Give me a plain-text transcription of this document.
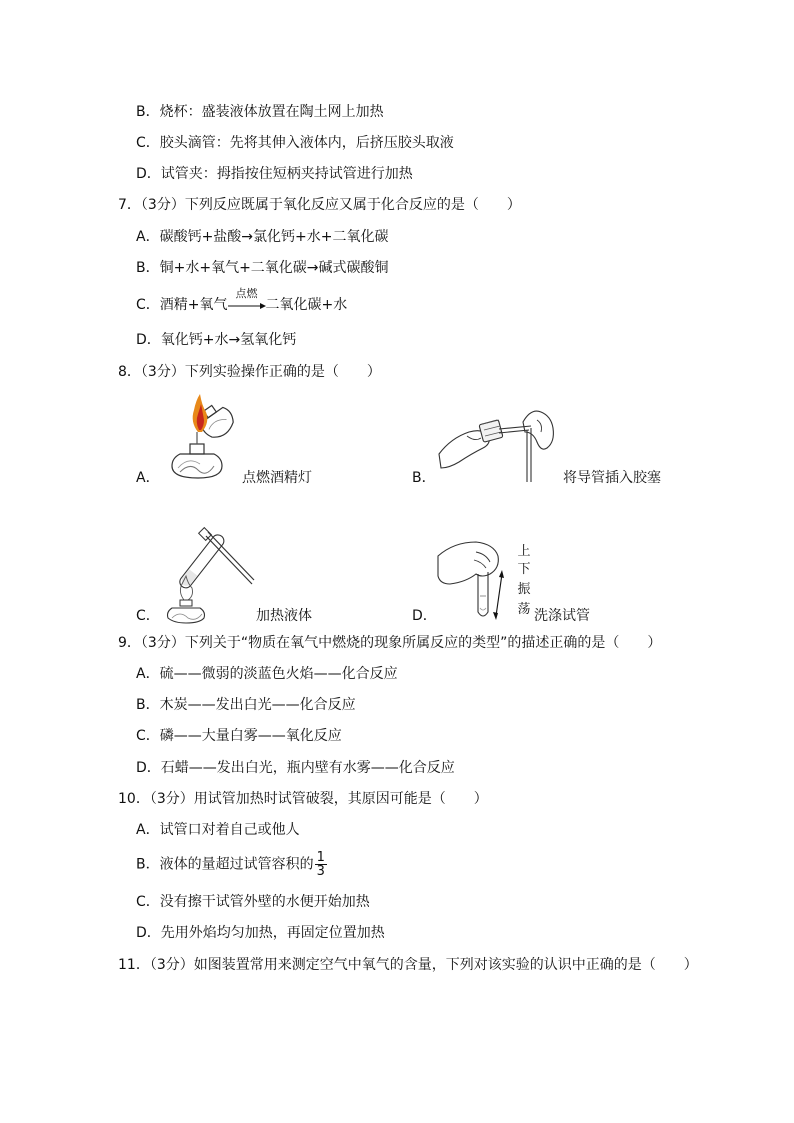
B．烧杯：盛装液体放置在陶土网上加热
C．胶头滴管：先将其伸入液体内，后挤压胶头取液
D．试管夹：拇指按住短柄夹持试管进行加热
7．（3分）下列反应既属于氧化反应又属于化合反应的是（　　）
A．碳酸钙+盐酸→氯化钙+水+二氧化碳
B．铜+水+氧气+二氧化碳→碱式碳酸铜
C．酒精+氧气
点燃
二氧化碳+水
D．氧化钙+水→氢氧化钙
8．（3分）下列实验操作正确的是（　　）
A．	点燃酒精灯	B．	将导管插入胶塞
C．	加热液体
上
下
振
荡
D．	洗涤试管
9．（3分）下列关于“物质在氧气中燃烧的现象所属反应的类型”的描述正确的是（　　）
A．硫——微弱的淡蓝色火焰——化合反应
B．木炭——发出白光——化合反应
C．磷——大量白雾——氧化反应
D．石蜡——发出白光，瓶内壁有水雾——化合反应
10．（3分）用试管加热时试管破裂，其原因可能是（　　）
A．试管口对着自己或他人
B．液体的量超过试管容积的 $\frac{1}{3}$
C．没有擦干试管外壁的水便开始加热
D．先用外焰均匀加热，再固定位置加热
11．（3分）如图装置常用来测定空气中氧气的含量，下列对该实验的认识中正确的是（　　）
